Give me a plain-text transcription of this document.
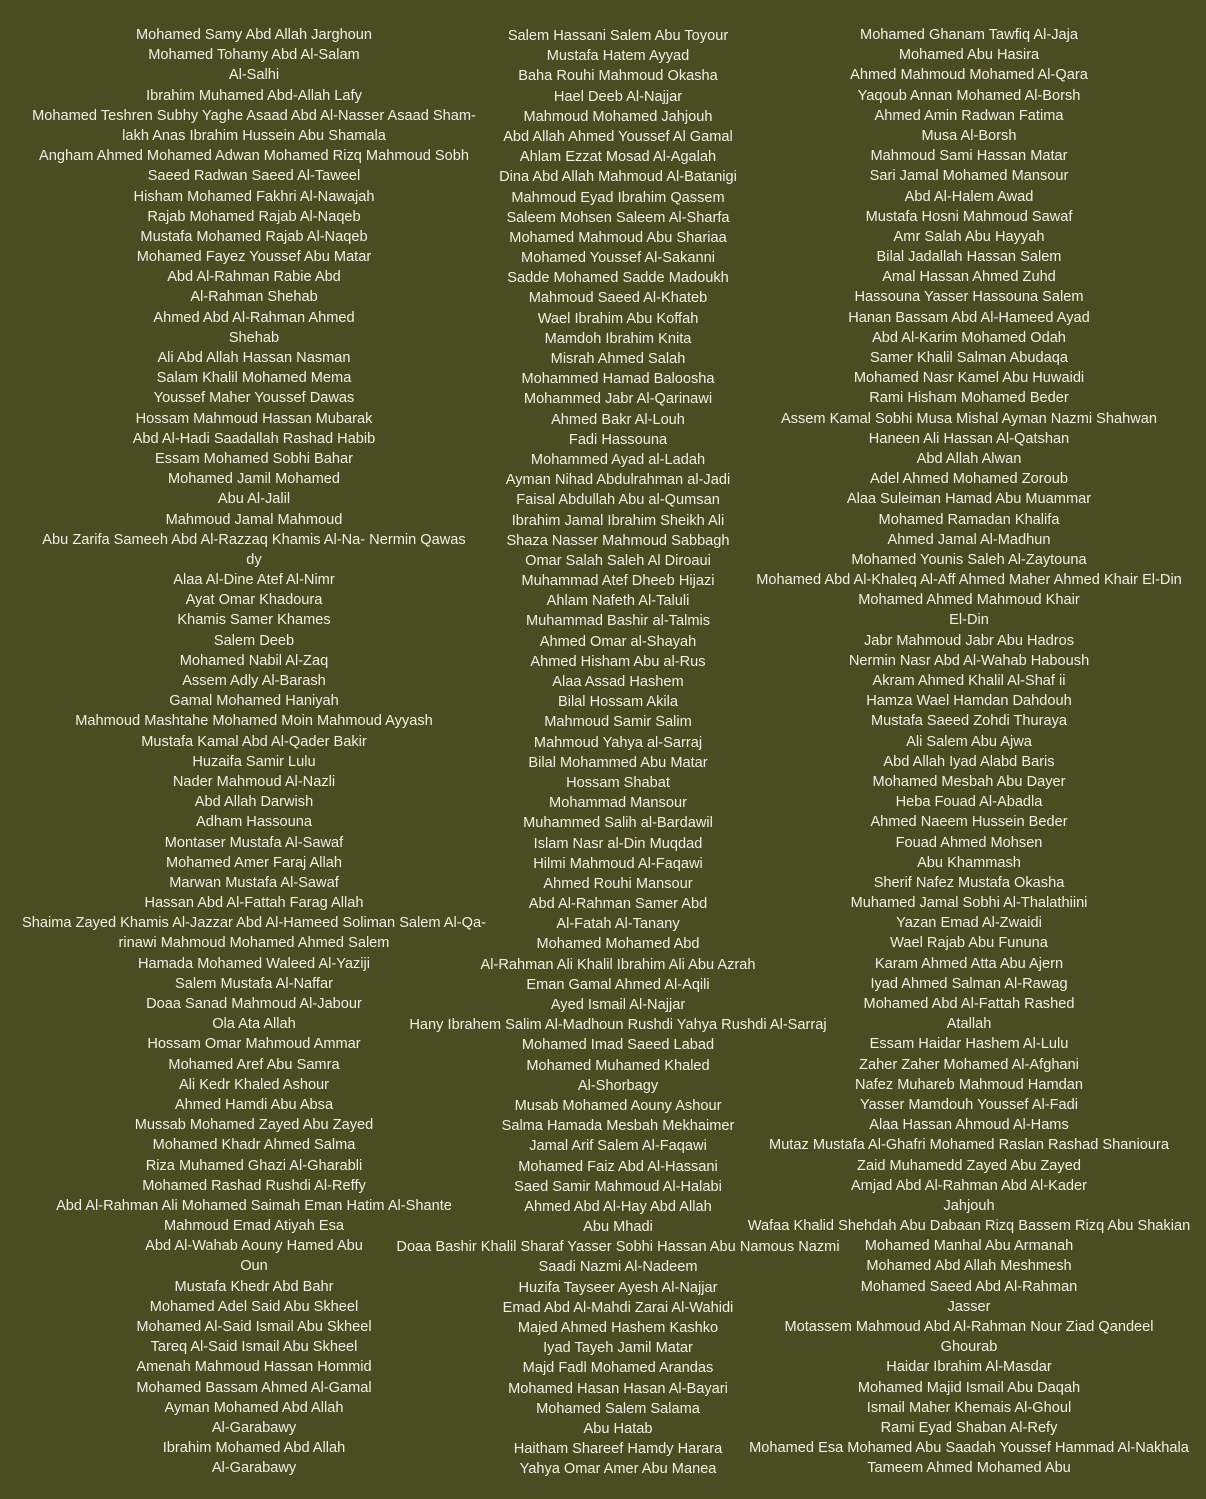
Mohamed Samy Abd Allah Jarghoun
Mohamed Tohamy Abd Al-Salam
Al-Salhi
Ibrahim Muhamed Abd-Allah Lafy
Mohamed Teshren Subhy Yaghe Asaad Abd Al-Nasser Asaad Sham-
lakh Anas Ibrahim Hussein Abu Shamala
Angham Ahmed Mohamed Adwan Mohamed Rizq Mahmoud Sobh
Saeed Radwan Saeed Al-Taweel
Hisham Mohamed Fakhri Al-Nawajah
Rajab Mohamed Rajab Al-Naqeb
Mustafa Mohamed Rajab Al-Naqeb
Mohamed Fayez Youssef Abu Matar
Abd Al-Rahman Rabie Abd
Al-Rahman Shehab
Ahmed Abd Al-Rahman Ahmed
Shehab
Ali Abd Allah Hassan Nasman
Salam Khalil Mohamed Mema
Youssef Maher Youssef Dawas
Hossam Mahmoud Hassan Mubarak
Abd Al-Hadi Saadallah Rashad Habib
Essam Mohamed Sobhi Bahar
Mohamed Jamil Mohamed
Abu Al-Jalil
Mahmoud Jamal Mahmoud
Abu Zarifa Sameeh Abd Al-Razzaq Khamis Al-Na- Nermin Qawas
dy
Alaa Al-Dine Atef Al-Nimr
Ayat Omar Khadoura
Khamis Samer Khames
Salem Deeb
Mohamed Nabil Al-Zaq
Assem Adly Al-Barash
Gamal Mohamed Haniyah
Mahmoud Mashtahe Mohamed Moin Mahmoud Ayyash
Mustafa Kamal Abd Al-Qader Bakir
Huzaifa Samir Lulu
Nader Mahmoud Al-Nazli
Abd Allah Darwish
Adham Hassouna
Montaser Mustafa Al-Sawaf
Mohamed Amer Faraj Allah
Marwan Mustafa Al-Sawaf
Hassan Abd Al-Fattah Farag Allah
Shaima Zayed Khamis Al-Jazzar Abd Al-Hameed Soliman Salem Al-Qa-
rinawi Mahmoud Mohamed Ahmed Salem
Hamada Mohamed Waleed Al-Yaziji
Salem Mustafa Al-Naffar
Doaa Sanad Mahmoud Al-Jabour
Ola Ata Allah
Hossam Omar Mahmoud Ammar
Mohamed Aref Abu Samra
Ali Kedr Khaled Ashour
Ahmed Hamdi Abu Absa
Mussab Mohamed Zayed Abu Zayed
Mohamed Khadr Ahmed Salma
Riza Muhamed Ghazi Al-Gharabli
Mohamed Rashad Rushdi Al-Reffy
Abd Al-Rahman Ali Mohamed Saimah Eman Hatim Al-Shante
Mahmoud Emad Atiyah Esa
Abd Al-Wahab Aouny Hamed Abu
Oun
Mustafa Khedr Abd Bahr
Mohamed Adel Said Abu Skheel
Mohamed Al-Said Ismail Abu Skheel
Tareq Al-Said Ismail Abu Skheel
Amenah Mahmoud Hassan Hommid
Mohamed Bassam Ahmed Al-Gamal
Ayman Mohamed Abd Allah
Al-Garabawy
Ibrahim Mohamed Abd Allah
Al-Garabawy
Salem Hassani Salem Abu Toyour
Mustafa Hatem Ayyad
Baha Rouhi Mahmoud Okasha
Hael Deeb Al-Najjar
Mahmoud Mohamed Jahjouh
Abd Allah Ahmed Youssef Al Gamal
Ahlam Ezzat Mosad Al-Agalah
Dina Abd Allah Mahmoud Al-Batanigi
Mahmoud Eyad Ibrahim Qassem
Saleem Mohsen Saleem Al-Sharfa
Mohamed Mahmoud Abu Shariaa
Mohamed Youssef Al-Sakanni
Sadde Mohamed Sadde Madoukh
Mahmoud Saeed Al-Khateb
Wael Ibrahim Abu Koffah
Mamdoh Ibrahim Knita
Misrah Ahmed Salah
Mohammed Hamad Baloosha
Mohammed Jabr Al-Qarinawi
Ahmed Bakr Al-Louh
Fadi Hassouna
Mohammed Ayad al-Ladah
Ayman Nihad Abdulrahman al-Jadi
Faisal Abdullah Abu al-Qumsan
Ibrahim Jamal Ibrahim Sheikh Ali
Shaza Nasser Mahmoud Sabbagh
Omar Salah Saleh Al Diroaui
Muhammad Atef Dheeb Hijazi
Ahlam Nafeth Al-Taluli
Muhammad Bashir al-Talmis
Ahmed Omar al-Shayah
Ahmed Hisham Abu al-Rus
Alaa Assad Hashem
Bilal Hossam Akila
Mahmoud Samir Salim
Mahmoud Yahya al-Sarraj
Bilal Mohammed Abu Matar
Hossam Shabat
Mohammad Mansour
Muhammed Salih al-Bardawil
Islam Nasr al-Din Muqdad
Hilmi Mahmoud Al-Faqawi
Ahmed Rouhi Mansour
Abd Al-Rahman Samer Abd
Al-Fatah Al-Tanany
Mohamed Mohamed Abd
Al-Rahman Ali Khalil Ibrahim Ali Abu Azrah
Eman Gamal Ahmed Al-Aqili
Ayed Ismail Al-Najjar
Hany Ibrahem Salim Al-Madhoun Rushdi Yahya Rushdi Al-Sarraj
Mohamed Imad Saeed Labad
Mohamed Muhamed Khaled
Al-Shorbagy
Musab Mohamed Aouny Ashour
Salma Hamada Mesbah Mekhaimer
Jamal Arif Salem Al-Faqawi
Mohamed Faiz Abd Al-Hassani
Saed Samir Mahmoud Al-Halabi
Ahmed Abd Al-Hay Abd Allah
Abu Mhadi
Doaa Bashir Khalil Sharaf Yasser Sobhi Hassan Abu Namous Nazmi
Saadi Nazmi Al-Nadeem
Huzifa Tayseer Ayesh Al-Najjar
Emad Abd Al-Mahdi Zarai Al-Wahidi
Majed Ahmed Hashem Kashko
Iyad Tayeh Jamil Matar
Majd Fadl Mohamed Arandas
Mohamed Hasan Hasan Al-Bayari
Mohamed Salem Salama
Abu Hatab
Haitham Shareef Hamdy Harara
Yahya Omar Amer Abu Manea
Mohamed Ghanam Tawfiq Al-Jaja
Mohamed Abu Hasira
Ahmed Mahmoud Mohamed Al-Qara
Yaqoub Annan Mohamed Al-Borsh
Ahmed Amin Radwan Fatima
Musa Al-Borsh
Mahmoud Sami Hassan Matar
Sari Jamal Mohamed Mansour
Abd Al-Halem Awad
Mustafa Hosni Mahmoud Sawaf
Amr Salah Abu Hayyah
Bilal Jadallah Hassan Salem
Amal Hassan Ahmed Zuhd
Hassouna Yasser Hassouna Salem
Hanan Bassam Abd Al-Hameed Ayad
Abd Al-Karim Mohamed Odah
Samer Khalil Salman Abudaqa
Mohamed Nasr Kamel Abu Huwaidi
Rami Hisham Mohamed Beder
Assem Kamal Sobhi Musa Mishal Ayman Nazmi Shahwan
Haneen Ali Hassan Al-Qatshan
Abd Allah Alwan
Adel Ahmed Mohamed Zoroub
Alaa Suleiman Hamad Abu Muammar
Mohamed Ramadan Khalifa
Ahmed Jamal Al-Madhun
Mohamed Younis Saleh Al-Zaytouna
Mohamed Abd Al-Khaleq Al-Aff Ahmed Maher Ahmed Khair El-Din
Mohamed Ahmed Mahmoud Khair
El-Din
Jabr Mahmoud Jabr Abu Hadros
Nermin Nasr Abd Al-Wahab Haboush
Akram Ahmed Khalil Al-Shaf ii
Hamza Wael Hamdan Dahdouh
Mustafa Saeed Zohdi Thuraya
Ali Salem Abu Ajwa
Abd Allah Iyad Alabd Baris
Mohamed Mesbah Abu Dayer
Heba Fouad Al-Abadla
Ahmed Naeem Hussein Beder
Fouad Ahmed Mohsen
Abu Khammash
Sherif Nafez Mustafa Okasha
Muhamed Jamal Sobhi Al-Thalathiini
Yazan Emad Al-Zwaidi
Wael Rajab Abu Fununa
Karam Ahmed Atta Abu Ajern
Iyad Ahmed Salman Al-Rawag
Mohamed Abd Al-Fattah Rashed
Atallah
Essam Haidar Hashem Al-Lulu
Zaher Zaher Mohamed Al-Afghani
Nafez Muhareb Mahmoud Hamdan
Yasser Mamdouh Youssef Al-Fadi
Alaa Hassan Ahmoud Al-Hams
Mutaz Mustafa Al-Ghafri Mohamed Raslan Rashad Shanioura
Zaid Muhamedd Zayed Abu Zayed
Amjad Abd Al-Rahman Abd Al-Kader
Jahjouh
Wafaa Khalid Shehdah Abu Dabaan Rizq Bassem Rizq Abu Shakian
Mohamed Manhal Abu Armanah
Mohamed Abd Allah Meshmesh
Mohamed Saeed Abd Al-Rahman
Jasser
Motassem Mahmoud Abd Al-Rahman Nour Ziad Qandeel
Ghourab
Haidar Ibrahim Al-Masdar
Mohamed Majid Ismail Abu Daqah
Ismail Maher Khemais Al-Ghoul
Rami Eyad Shaban Al-Refy
Mohamed Esa Mohamed Abu Saadah Youssef Hammad Al-Nakhala
Tameem Ahmed Mohamed Abu
